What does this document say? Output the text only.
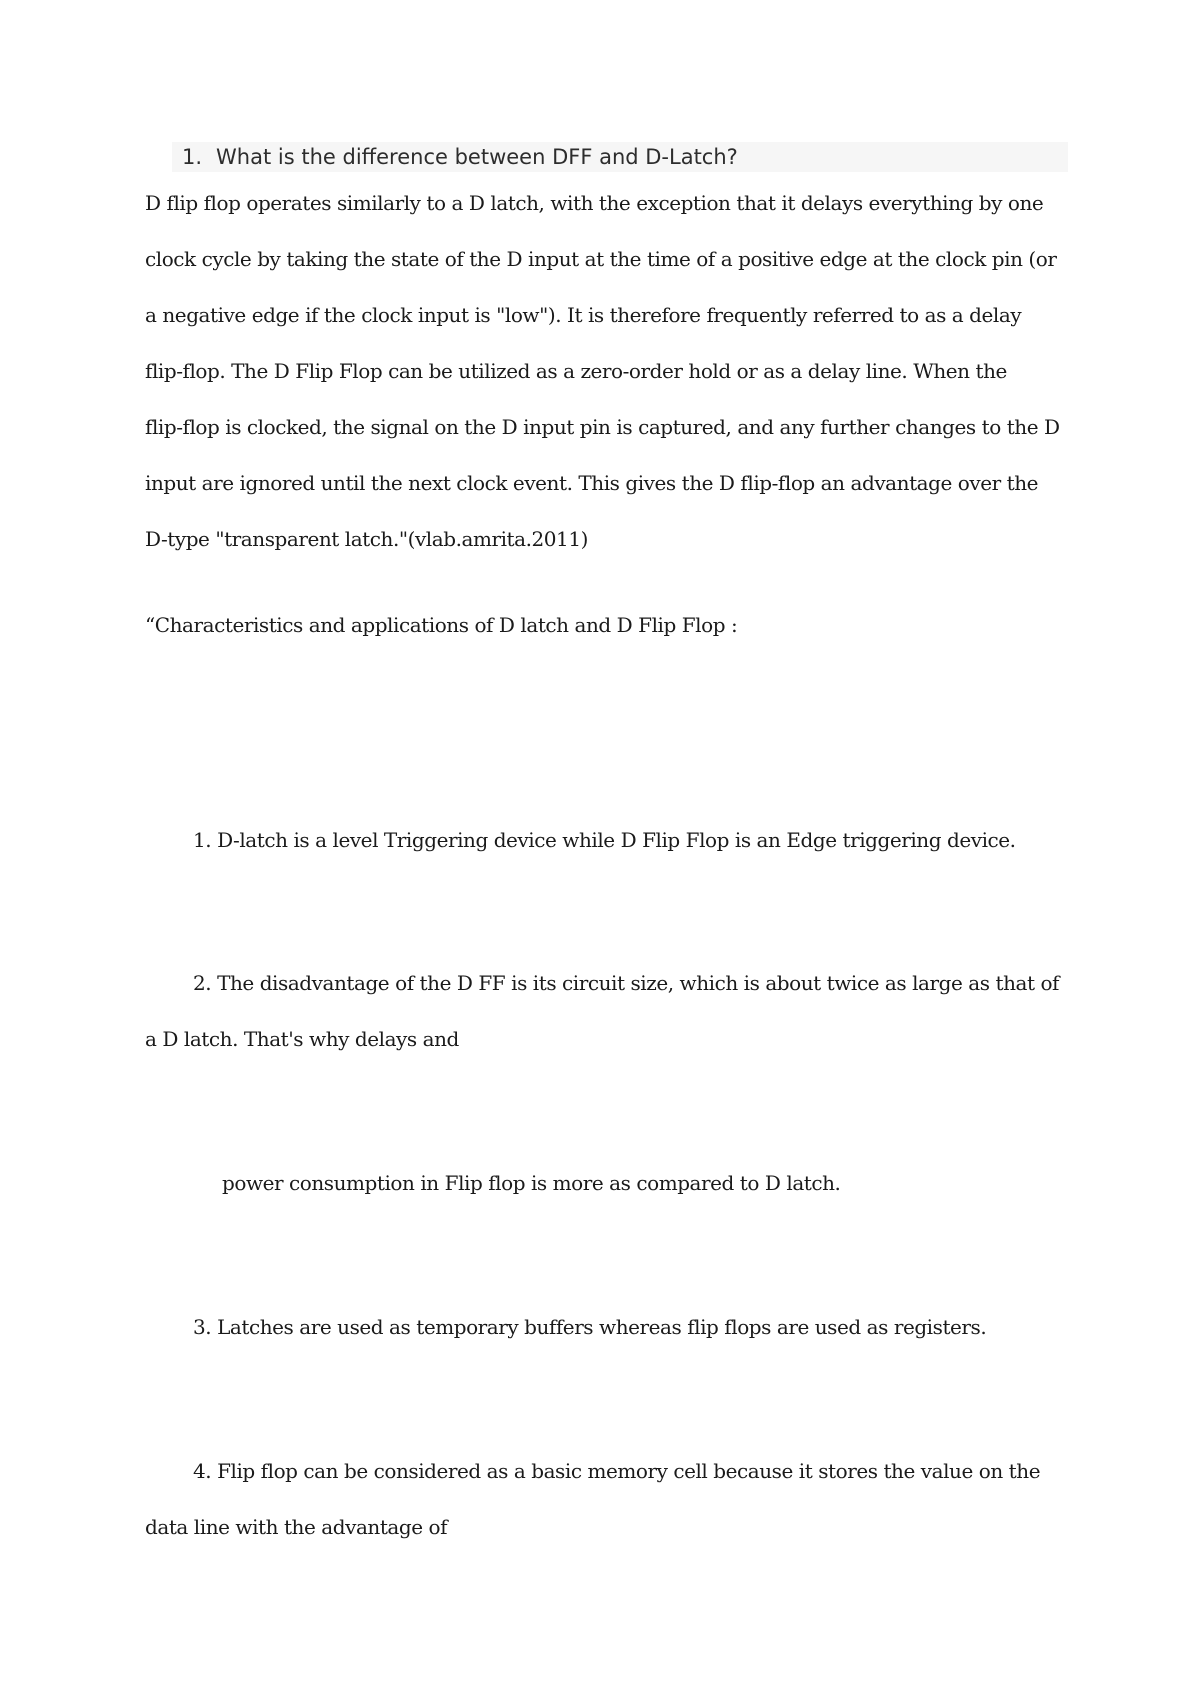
1. What is the difference between DFF and D-Latch?

D flip flop operates similarly to a D latch, with the exception that it delays everything by one
clock cycle by taking the state of the D input at the time of a positive edge at the clock pin (or
a negative edge if the clock input is "low"). It is therefore frequently referred to as a delay
flip-flop. The D Flip Flop can be utilized as a zero-order hold or as a delay line. When the
flip-flop is clocked, the signal on the D input pin is captured, and any further changes to the D
input are ignored until the next clock event. This gives the D flip-flop an advantage over the
D-type "transparent latch."(vlab.amrita.2011)

“Characteristics and applications of D latch and D Flip Flop :

1. D-latch is a level Triggering device while D Flip Flop is an Edge triggering device.

2. The disadvantage of the D FF is its circuit size, which is about twice as large as that of
a D latch. That's why delays and

power consumption in Flip flop is more as compared to D latch.

3. Latches are used as temporary buffers whereas flip flops are used as registers.

4. Flip flop can be considered as a basic memory cell because it stores the value on the
data line with the advantage of
